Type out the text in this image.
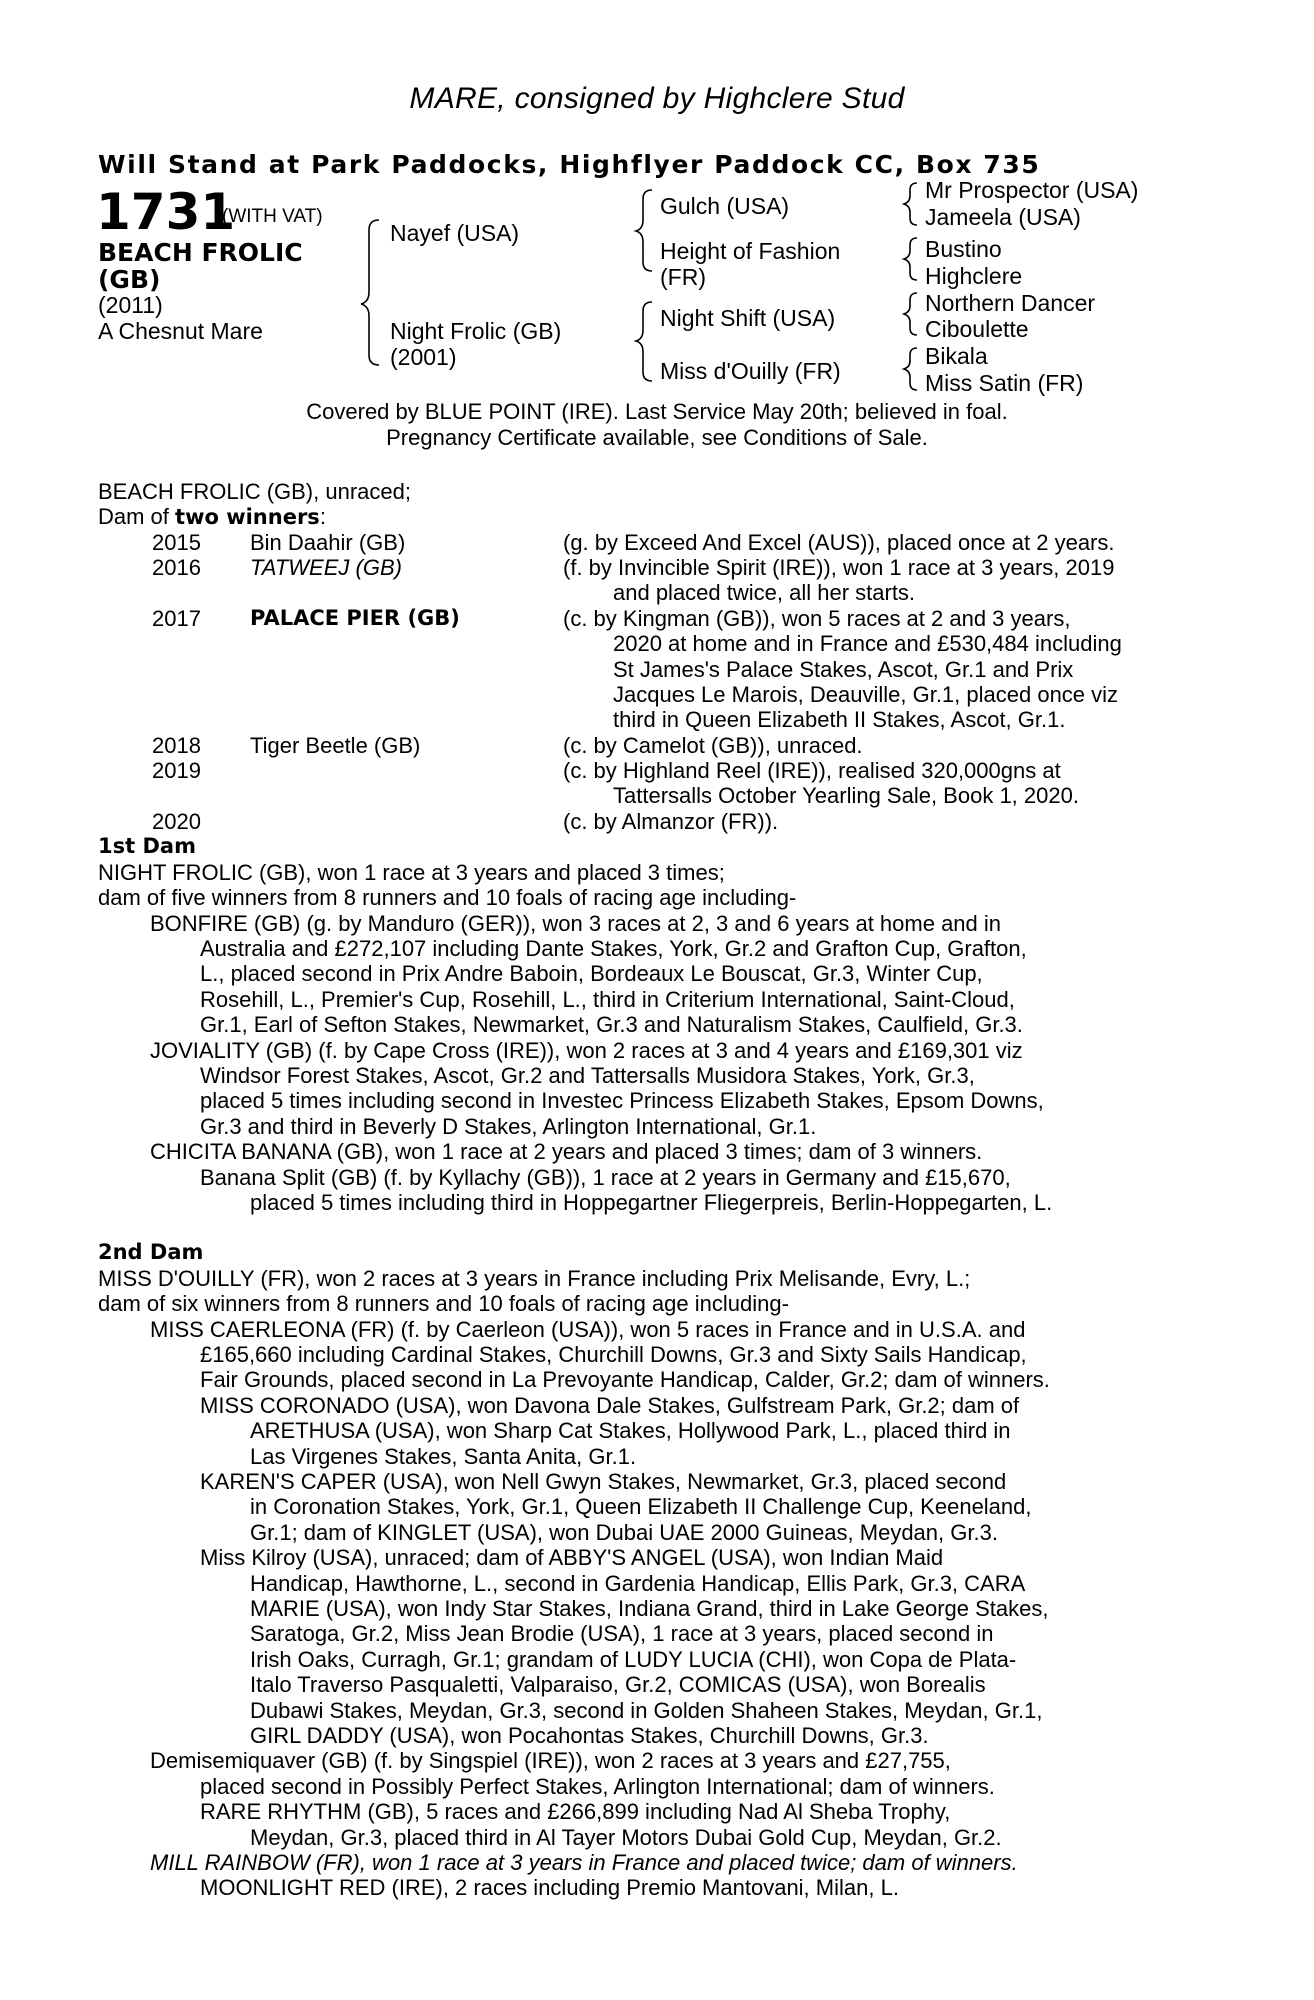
MARE, consigned by Highclere Stud
Will Stand at Park Paddocks, Highflyer Paddock CC, Box 735
1731
(WITH VAT)
BEACH FROLIC
(GB)
(2011)
A Chesnut Mare
Nayef (USA)
Night Frolic (GB)
(2001)
Gulch (USA)
Height of Fashion
(FR)
Night Shift (USA)
Miss d'Ouilly (FR)
Mr Prospector (USA)
Jameela (USA)
Bustino
Highclere
Northern Dancer
Ciboulette
Bikala
Miss Satin (FR)
Covered by BLUE POINT (IRE). Last Service May 20th; believed in foal.
Pregnancy Certificate available, see Conditions of Sale.
BEACH FROLIC (GB), unraced;
Dam of two winners:
2015 Bin Daahir (GB)	(g. by Exceed And Excel (AUS)), placed once at 2 years.
2016 TATWEEJ (GB)	(f. by Invincible Spirit (IRE)), won 1 race at 3 years, 2019
and placed twice, all her starts.
2017 PALACE PIER (GB)	(c. by Kingman (GB)), won 5 races at 2 and 3 years,
2020 at home and in France and £530,484 including
St James's Palace Stakes, Ascot, Gr.1 and Prix
Jacques Le Marois, Deauville, Gr.1, placed once viz
third in Queen Elizabeth II Stakes, Ascot, Gr.1.
2018 Tiger Beetle (GB)	(c. by Camelot (GB)), unraced.
2019	(c. by Highland Reel (IRE)), realised 320,000gns at
Tattersalls October Yearling Sale, Book 1, 2020.
2020	(c. by Almanzor (FR)).
1st Dam
NIGHT FROLIC (GB), won 1 race at 3 years and placed 3 times;
dam of five winners from 8 runners and 10 foals of racing age including-
BONFIRE (GB) (g. by Manduro (GER)), won 3 races at 2, 3 and 6 years at home and in
Australia and £272,107 including Dante Stakes, York, Gr.2 and Grafton Cup, Grafton,
L., placed second in Prix Andre Baboin, Bordeaux Le Bouscat, Gr.3, Winter Cup,
Rosehill, L., Premier's Cup, Rosehill, L., third in Criterium International, Saint-Cloud,
Gr.1, Earl of Sefton Stakes, Newmarket, Gr.3 and Naturalism Stakes, Caulfield, Gr.3.
JOVIALITY (GB) (f. by Cape Cross (IRE)), won 2 races at 3 and 4 years and £169,301 viz
Windsor Forest Stakes, Ascot, Gr.2 and Tattersalls Musidora Stakes, York, Gr.3,
placed 5 times including second in Investec Princess Elizabeth Stakes, Epsom Downs,
Gr.3 and third in Beverly D Stakes, Arlington International, Gr.1.
CHICITA BANANA (GB), won 1 race at 2 years and placed 3 times; dam of 3 winners.
Banana Split (GB) (f. by Kyllachy (GB)), 1 race at 2 years in Germany and £15,670,
placed 5 times including third in Hoppegartner Fliegerpreis, Berlin-Hoppegarten, L.
2nd Dam
MISS D'OUILLY (FR), won 2 races at 3 years in France including Prix Melisande, Evry, L.;
dam of six winners from 8 runners and 10 foals of racing age including-
MISS CAERLEONA (FR) (f. by Caerleon (USA)), won 5 races in France and in U.S.A. and
£165,660 including Cardinal Stakes, Churchill Downs, Gr.3 and Sixty Sails Handicap,
Fair Grounds, placed second in La Prevoyante Handicap, Calder, Gr.2; dam of winners.
MISS CORONADO (USA), won Davona Dale Stakes, Gulfstream Park, Gr.2; dam of
ARETHUSA (USA), won Sharp Cat Stakes, Hollywood Park, L., placed third in
Las Virgenes Stakes, Santa Anita, Gr.1.
KAREN'S CAPER (USA), won Nell Gwyn Stakes, Newmarket, Gr.3, placed second
in Coronation Stakes, York, Gr.1, Queen Elizabeth II Challenge Cup, Keeneland,
Gr.1; dam of KINGLET (USA), won Dubai UAE 2000 Guineas, Meydan, Gr.3.
Miss Kilroy (USA), unraced; dam of ABBY'S ANGEL (USA), won Indian Maid
Handicap, Hawthorne, L., second in Gardenia Handicap, Ellis Park, Gr.3, CARA
MARIE (USA), won Indy Star Stakes, Indiana Grand, third in Lake George Stakes,
Saratoga, Gr.2, Miss Jean Brodie (USA), 1 race at 3 years, placed second in
Irish Oaks, Curragh, Gr.1; grandam of LUDY LUCIA (CHI), won Copa de Plata-
Italo Traverso Pasqualetti, Valparaiso, Gr.2, COMICAS (USA), won Borealis
Dubawi Stakes, Meydan, Gr.3, second in Golden Shaheen Stakes, Meydan, Gr.1,
GIRL DADDY (USA), won Pocahontas Stakes, Churchill Downs, Gr.3.
Demisemiquaver (GB) (f. by Singspiel (IRE)), won 2 races at 3 years and £27,755,
placed second in Possibly Perfect Stakes, Arlington International; dam of winners.
RARE RHYTHM (GB), 5 races and £266,899 including Nad Al Sheba Trophy,
Meydan, Gr.3, placed third in Al Tayer Motors Dubai Gold Cup, Meydan, Gr.2.
MILL RAINBOW (FR), won 1 race at 3 years in France and placed twice; dam of winners.
MOONLIGHT RED (IRE), 2 races including Premio Mantovani, Milan, L.
